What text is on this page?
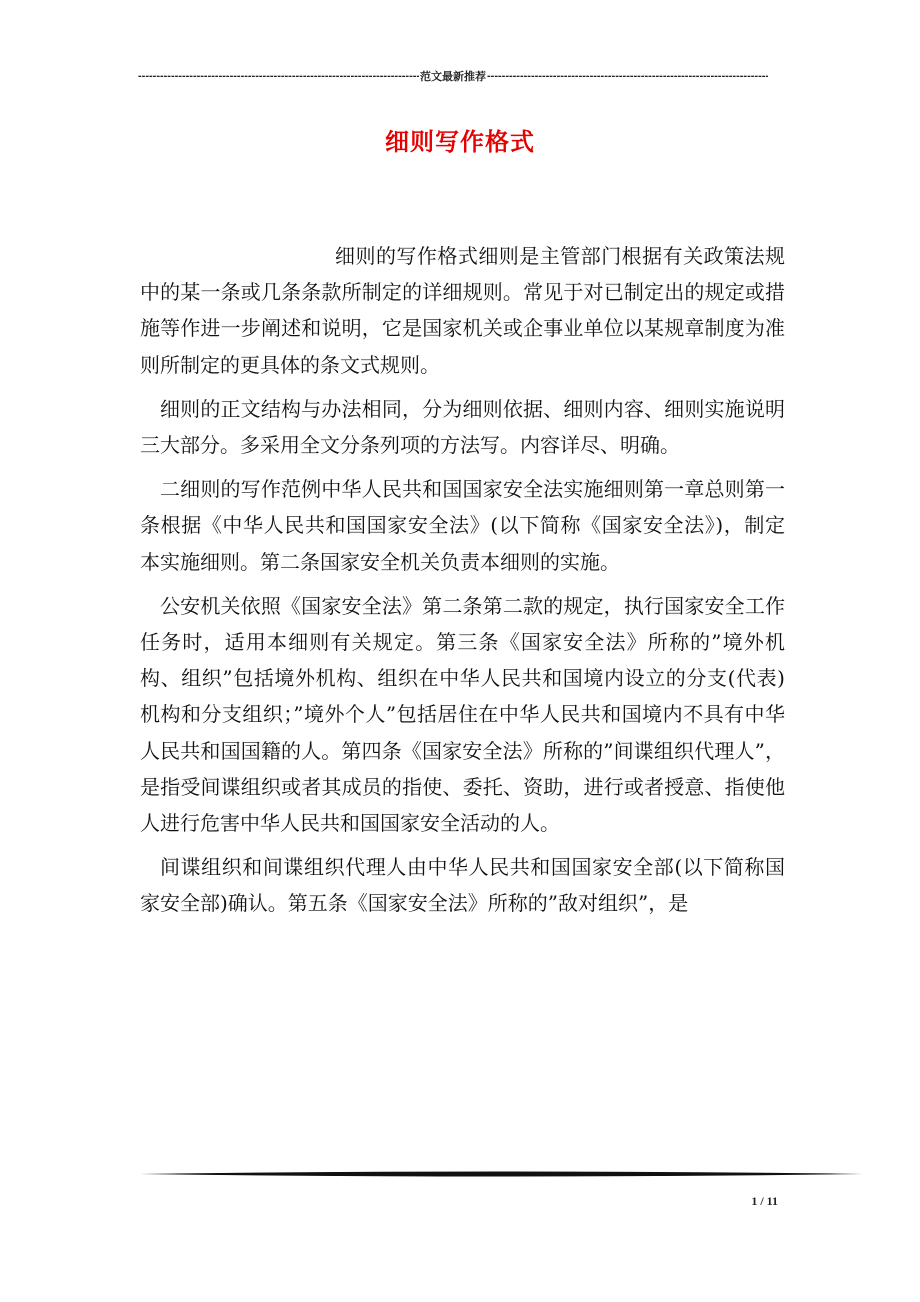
-----
范文最新推荐
-----
细则写作格式

细则的写作格式细则是主管部门根据有关政策法规中的某一条或几条条款所制定的详细规则。常见于对已制定出的规定或措施等作进一步阐述和说明，它是国家机关或企事业单位以某规章制度为准则所制定的更具体的条文式规则。

细则的正文结构与办法相同，分为细则依据、细则内容、细则实施说明三大部分。多采用全文分条列项的方法写。内容详尽、明确。

二细则的写作范例中华人民共和国国家安全法实施细则第一章总则第一条根据《中华人民共和国国家安全法》(以下简称《国家安全法》)，制定本实施细则。第二条国家安全机关负责本细则的实施。

公安机关依照《国家安全法》第二条第二款的规定，执行国家安全工作任务时，适用本细则有关规定。第三条《国家安全法》所称的”境外机构、组织”包括境外机构、组织在中华人民共和国境内设立的分支(代表)机构和分支组织；”境外个人”包括居住在中华人民共和国境内不具有中华人民共和国国籍的人。第四条《国家安全法》所称的”间谍组织代理人”，是指受间谍组织或者其成员的指使、委托、资助，进行或者授意、指使他人进行危害中华人民共和国国家安全活动的人。

间谍组织和间谍组织代理人由中华人民共和国国家安全部(以下简称国家安全部)确认。第五条《国家安全法》所称的”敌对组织”，是

1 / 11
